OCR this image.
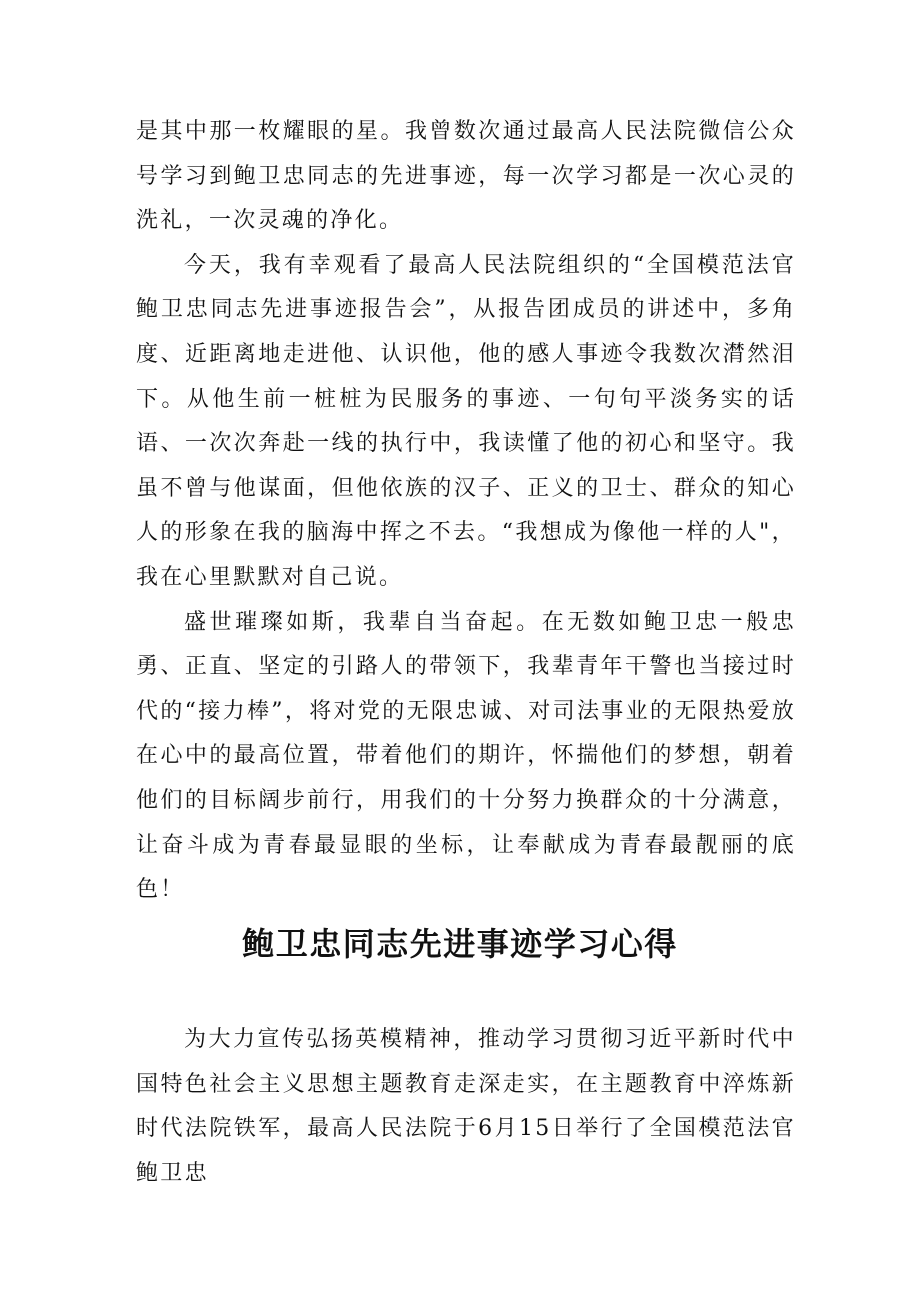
是其中那一枚耀眼的星。我曾数次通过最高人民法院微信公众号学习到鲍卫忠同志的先进事迹，每一次学习都是一次心灵的洗礼，一次灵魂的净化。

今天，我有幸观看了最高人民法院组织的“全国模范法官鲍卫忠同志先进事迹报告会”，从报告团成员的讲述中，多角度、近距离地走进他、认识他，他的感人事迹令我数次潸然泪下。从他生前一桩桩为民服务的事迹、一句句平淡务实的话语、一次次奔赴一线的执行中，我读懂了他的初心和坚守。我虽不曾与他谋面，但他依族的汉子、正义的卫士、群众的知心人的形象在我的脑海中挥之不去。“我想成为像他一样的人"，我在心里默默对自己说。

盛世璀璨如斯，我辈自当奋起。在无数如鲍卫忠一般忠勇、正直、坚定的引路人的带领下，我辈青年干警也当接过时代的“接力棒”，将对党的无限忠诚、对司法事业的无限热爱放在心中的最高位置，带着他们的期许，怀揣他们的梦想，朝着他们的目标阔步前行，用我们的十分努力换群众的十分满意，让奋斗成为青春最显眼的坐标，让奉献成为青春最靓丽的底色！

鲍卫忠同志先进事迹学习心得

为大力宣传弘扬英模精神，推动学习贯彻习近平新时代中国特色社会主义思想主题教育走深走实，在主题教育中淬炼新时代法院铁军，最高人民法院于6月15日举行了全国模范法官鲍卫忠
